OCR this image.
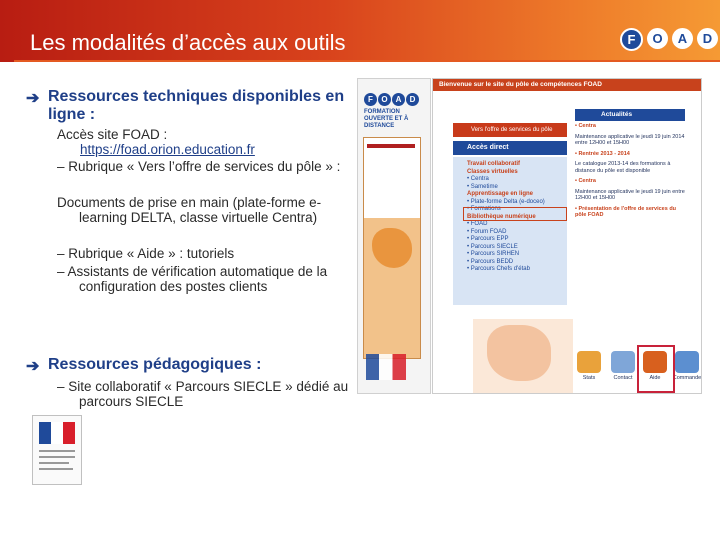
Les modalités d’accès aux outils	F	O	A	D
➔ Ressources techniques disponibles en ligne :
Accès site FOAD :
https://foad.orion.education.fr
– Rubrique « Vers l’offre de services du pôle » :
Documents de prise en main (plate-forme e-learning DELTA, classe virtuelle Centra)
– Rubrique « Aide » : tutoriels
– Assistants de vérification automatique de la configuration des postes clients
➔ Ressources pédagogiques :
– Site collaboratif « Parcours SIECLE » dédié au parcours SIECLE
F	O	A	D
FORMATION OUVERTE ET À DISTANCE
Bienvenue sur le site du pôle de compétences FOAD
Vers l'offre de services du pôle
Accès direct
Travail collaboratif
Classes virtuelles
• Centra
• Sametime
Apprentissage en ligne
• Plate-forme Delta (e-doceo)
• Formations
Bibliothèque numérique
• FOAD
• Forum FOAD
• Parcours EPP
• Parcours SIECLE
• Parcours SIRHEN
• Parcours BEDD
• Parcours Chefs d'étab
Actualités
• Centra
Maintenance applicative le jeudi 19 juin 2014 entre 12H00 et 15H00
• Rentrée 2013 - 2014
Le catalogue 2013-14 des formations à distance du pôle est disponible
• Centra
Maintenance applicative le jeudi 19 juin entre 12H00 et 15H00
• Présentation de l'offre de services du pôle FOAD
Stats	Contact	Aide	Commande
